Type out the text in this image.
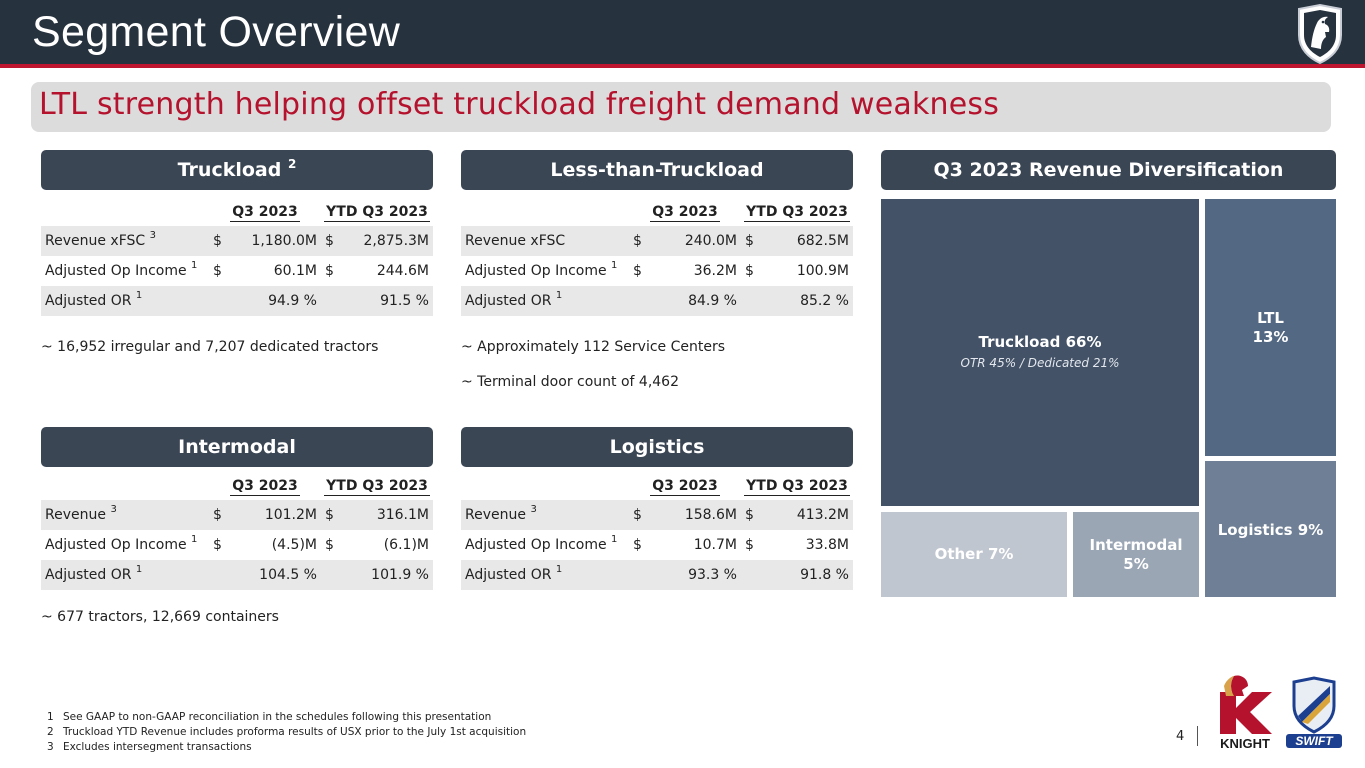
Segment Overview
LTL strength helping offset truckload freight demand weakness
Truckload $^2$
	Q3 2023		YTD Q3 2023	
Revenue xFSC $^3$	$	1,180.0M	$	2,875.3M
Adjusted Op Income $^1$	$	60.1M	$	244.6M
Adjusted OR $^1$		94.9 %		91.5 %
~ 16,952 irregular and 7,207 dedicated tractors
Less-than-Truckload
	Q3 2023		YTD Q3 2023	
Revenue xFSC	$	240.0M	$	682.5M
Adjusted Op Income $^1$	$	36.2M	$	100.9M
Adjusted OR $^1$		84.9 %		85.2 %
~ Approximately 112 Service Centers
~ Terminal door count of 4,462
Intermodal
	Q3 2023		YTD Q3 2023	
Revenue $^3$	$	101.2M	$	316.1M
Adjusted Op Income $^1$	$	(4.5)M	$	(6.1)M
Adjusted OR $^1$		104.5 %		101.9 %
~ 677 tractors, 12,669 containers
Logistics
	Q3 2023		YTD Q3 2023	
Revenue $^3$	$	158.6M	$	413.2M
Adjusted Op Income $^1$	$	10.7M	$	33.8M
Adjusted OR $^1$		93.3 %		91.8 %
Q3 2023 Revenue Diversification
Truckload 66%
OTR 45% / Dedicated 21%
LTL
13%
Logistics 9%
Other 7%
Intermodal
5%
1 See GAAP to non-GAAP reconciliation in the schedules following this presentation
2 Truckload YTD Revenue includes proforma results of USX prior to the July 1st acquisition
3 Excludes intersegment transactions
4	KNIGHT SWIFT
